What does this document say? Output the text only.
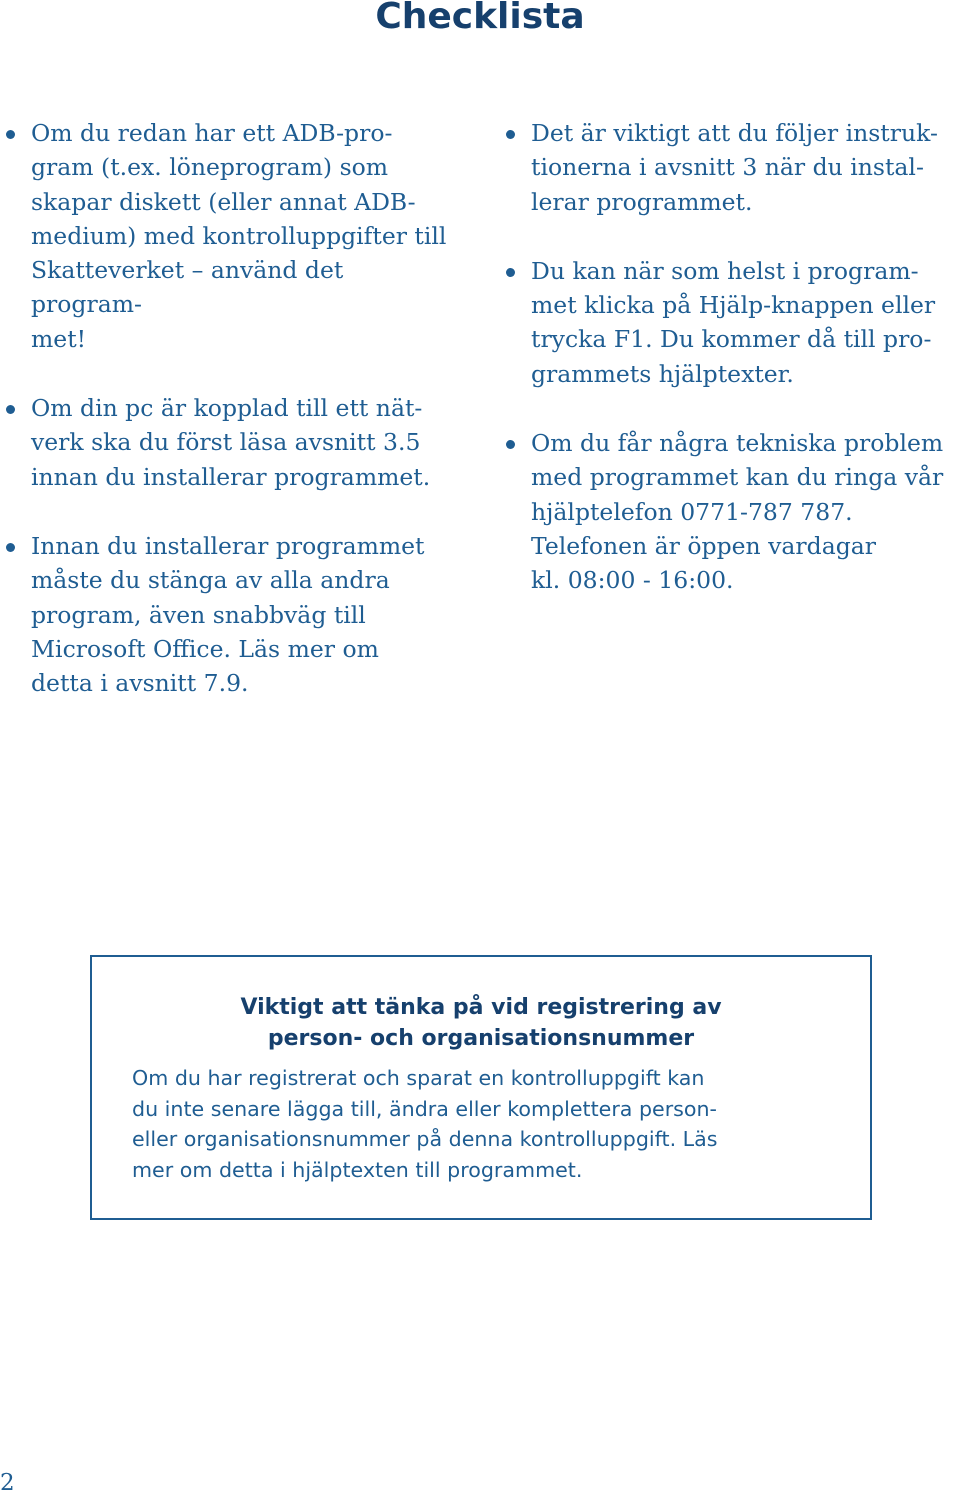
Checklista
Om du redan har ett ADB-pro-
gram (t.ex. löneprogram) som
skapar diskett (eller annat ADB-
medium) med kontrolluppgifter till
Skatteverket – använd det program-
met!
Om din pc är kopplad till ett nät-
verk ska du först läsa avsnitt 3.5
innan du installerar programmet.
Innan du installerar programmet
måste du stänga av alla andra
program, även snabbväg till
Microsoft Office. Läs mer om
detta i avsnitt 7.9.
Det är viktigt att du följer instruk-
tionerna i avsnitt 3 när du instal-
lerar programmet.
Du kan när som helst i program-
met klicka på Hjälp-knappen eller
trycka F1. Du kommer då till pro-
grammets hjälptexter.
Om du får några tekniska problem
med programmet kan du ringa vår
hjälptelefon 0771-787 787.
Telefonen är öppen vardagar
kl. 08:00 - 16:00.
Viktigt att tänka på vid registrering av
person- och organisationsnummer
Om du har registrerat och sparat en kontrolluppgift kan
du inte senare lägga till, ändra eller komplettera person-
eller organisationsnummer på denna kontrolluppgift. Läs
mer om detta i hjälptexten till programmet.
2
